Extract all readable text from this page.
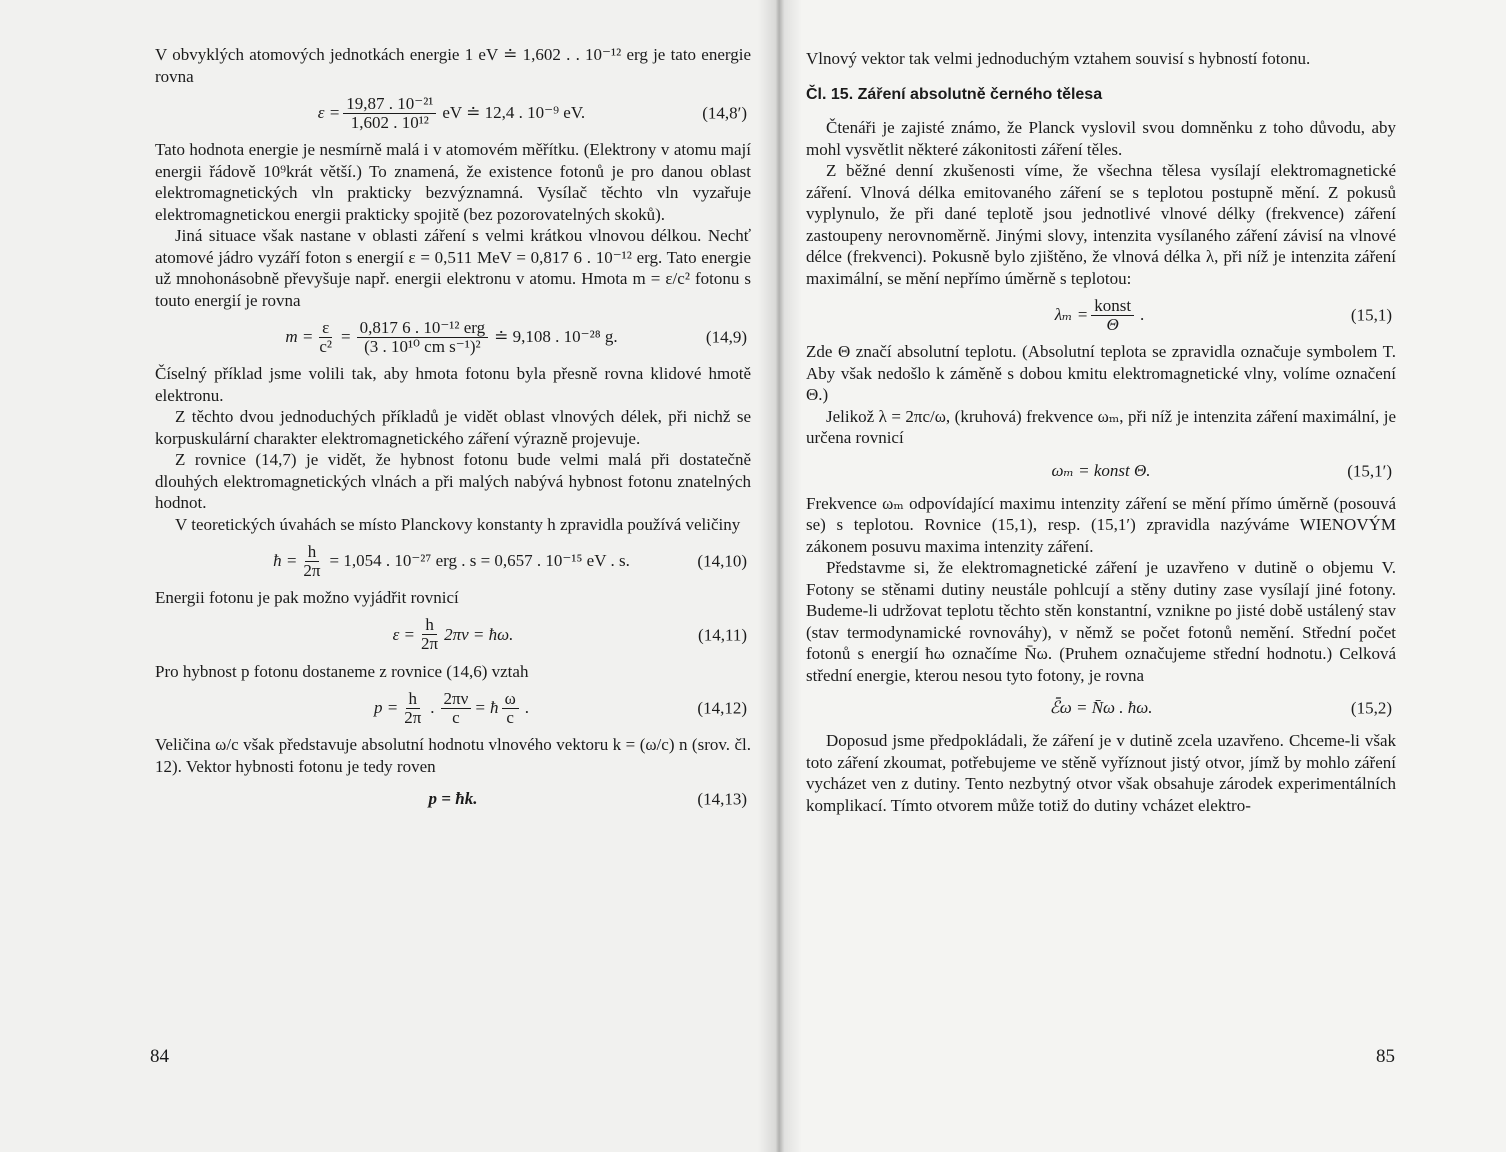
V obvyklých atomových jednotkách energie 1 eV ≐ 1,602 . . 10⁻¹² erg je tato energie rovna

$\varepsilon = \frac{\text{19,87 . 10⁻²¹}}{\text{1,602 . 10¹²}}$ eV ≐ 12,4 . 10⁻⁹ eV.	(14,8′)

Tato hodnota energie je nesmírně malá i v atomovém měřítku. (Elektrony v atomu mají energii řádově 10⁹krát větší.) To znamená, že existence fotonů je pro danou oblast elektromagnetických vln prakticky bezvýznamná. Vysílač těchto vln vyzařuje elektromagnetickou energii prakticky spojitě (bez pozorovatelných skoků).

Jiná situace však nastane v oblasti záření s velmi krátkou vlnovou délkou. Nechť atomové jádro vyzáří foton s energií ε = 0,511 MeV = 0,817 6 . 10⁻¹² erg. Tato energie už mnohonásobně převyšuje např. energii elektronu v atomu. Hmota m = ε/c² fotonu s touto energií je rovna

$m = \frac{\varepsilon}{\text{c²}} = \frac{\text{0,817 6 . 10⁻¹² erg}}{\text{(3 . 10¹⁰ cm s⁻¹)²}}$ ≐ 9,108 . 10⁻²⁸ g.	(14,9)

Číselný příklad jsme volili tak, aby hmota fotonu byla přesně rovna klidové hmotě elektronu.

Z těchto dvou jednoduchých příkladů je vidět oblast vlnových délek, při nichž se korpuskulární charakter elektromagnetického záření výrazně projevuje.

Z rovnice (14,7) je vidět, že hybnost fotonu bude velmi malá při dostatečně dlouhých elektromagnetických vlnách a při malých nabývá hybnost fotonu znatelných hodnot.

V teoretických úvahách se místo Planckovy konstanty h zpravidla používá veličiny

ħ = $\frac{h}{2\pi} = 1,054$ . 10⁻²⁷ erg . s = 0,657 . 10⁻¹⁵ eV . s.	(14,10)

Energii fotonu je pak možno vyjádřit rovnicí

$\varepsilon = \frac{h}{2\pi} 2\pi\nu$ = ħω.	(14,11)

Pro hybnost p fotonu dostaneme z rovnice (14,6) vztah

$p = \frac{h}{2\pi}$ . $\frac{2\pi\nu}{c}$ = ħ $\frac{\omega}{c}$ .	(14,12)

Veličina ω/c však představuje absolutní hodnotu vlnového vektoru k = (ω/c) n (srov. čl. 12). Vektor hybnosti fotonu je tedy roven

p = ħk.	(14,13)
84

Vlnový vektor tak velmi jednoduchým vztahem souvisí s hybností fotonu.

Čl. 15. Záření absolutně černého tělesa

Čtenáři je zajisté známo, že Planck vyslovil svou domněnku z toho důvodu, aby mohl vysvětlit některé zákonitosti záření těles.

Z běžné denní zkušenosti víme, že všechna tělesa vysílají elektromagnetické záření. Vlnová délka emitovaného záření se s teplotou postupně mění. Z pokusů vyplynulo, že při dané teplotě jsou jednotlivé vlnové délky (frekvence) záření zastoupeny nerovnoměrně. Jinými slovy, intenzita vysílaného záření závisí na vlnové délce (frekvenci). Pokusně bylo zjištěno, že vlnová délka λ, při níž je intenzita záření maximální, se mění nepřímo úměrně s teplotou:

$\lambda_m = \frac{\text{konst}}{\Theta}$ .	(15,1)

Zde Θ značí absolutní teplotu. (Absolutní teplota se zpravidla označuje symbolem T. Aby však nedošlo k záměně s dobou kmitu elektromagnetické vlny, volíme označení Θ.)

Jelikož λ = 2πc/ω, (kruhová) frekvence ωₘ, při níž je intenzita záření maximální, je určena rovnicí

ωₘ = konst Θ.	(15,1′)

Frekvence ωₘ odpovídající maximu intenzity záření se mění přímo úměrně (posouvá se) s teplotou. Rovnice (15,1), resp. (15,1′) zpravidla nazýváme WIENOVÝM zákonem posuvu maxima intenzity záření.

Představme si, že elektromagnetické záření je uzavřeno v dutině o objemu V. Fotony se stěnami dutiny neustále pohlcují a stěny dutiny zase vysílají jiné fotony. Budeme-li udržovat teplotu těchto stěn konstantní, vznikne po jisté době ustálený stav (stav termodynamické rovnováhy), v němž se počet fotonů nemění. Střední počet fotonů s energií ħω označíme N̄ω. (Pruhem označujeme střední hodnotu.) Celková střední energie, kterou nesou tyto fotony, je rovna

ℰ̄ω = N̄ω . ħω.	(15,2)

Doposud jsme předpokládali, že záření je v dutině zcela uzavřeno. Chceme-li však toto záření zkoumat, potřebujeme ve stěně vyříznout jistý otvor, jímž by mohlo záření vycházet ven z dutiny. Tento nezbytný otvor však obsahuje zárodek experimentálních komplikací. Tímto otvorem může totiž do dutiny vcházet elektro-

85
